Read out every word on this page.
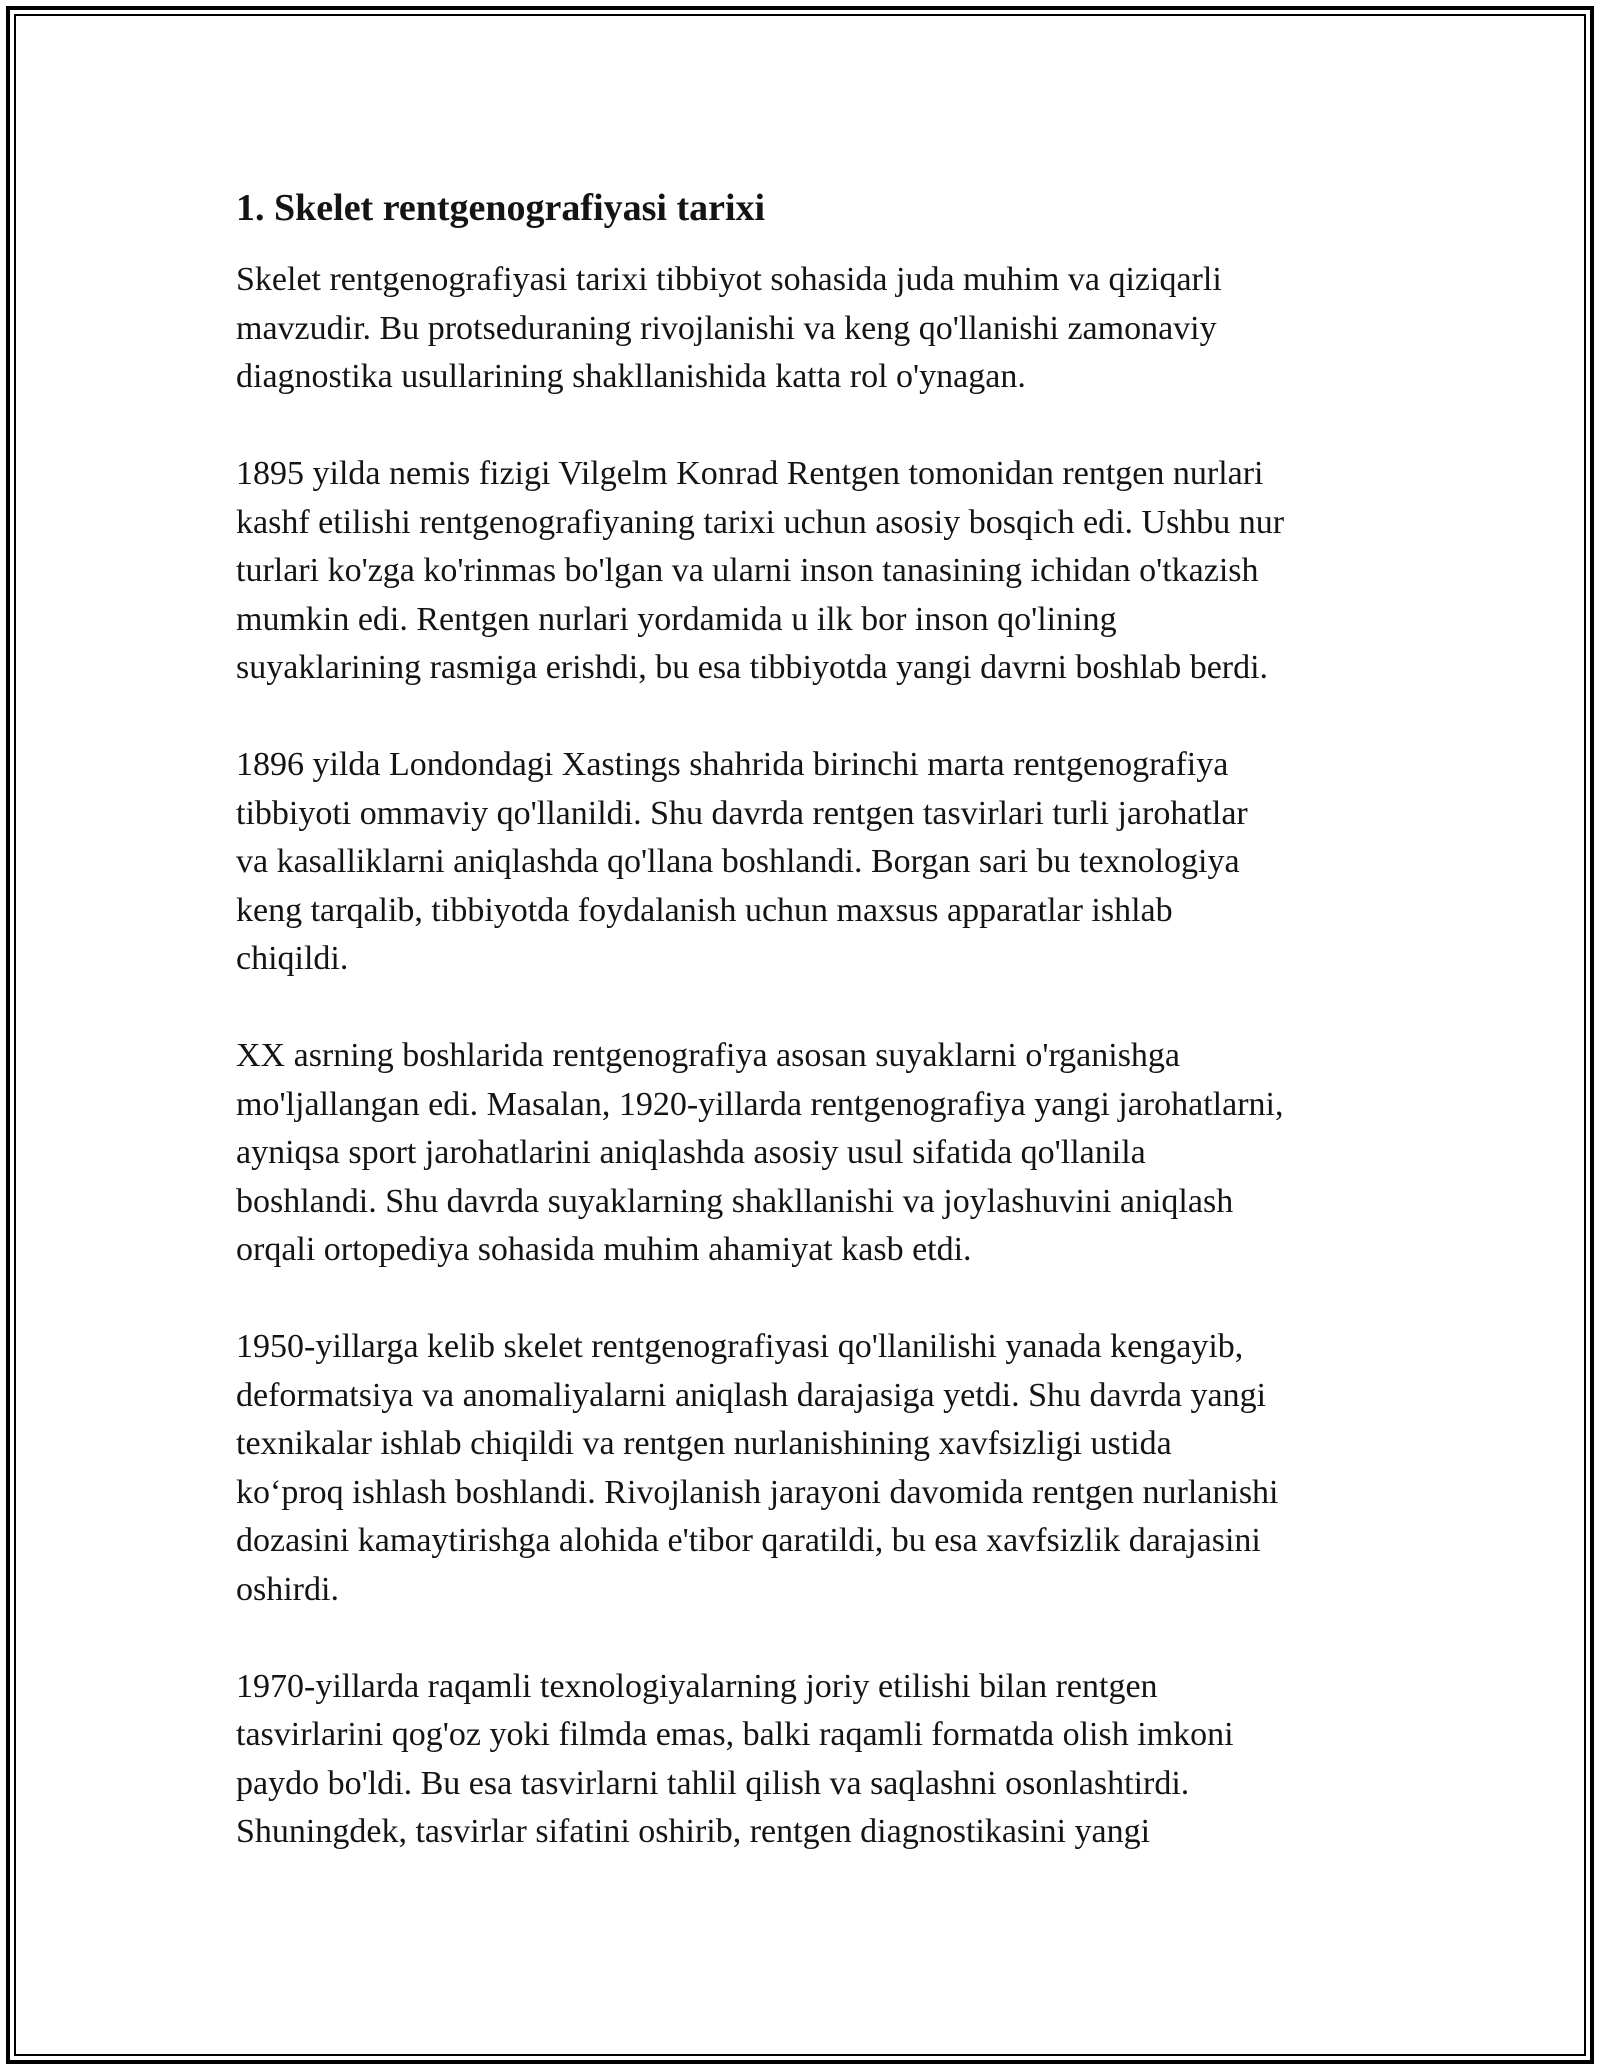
1. Skelet rentgenografiyasi tarixi

Skelet rentgenografiyasi tarixi tibbiyot sohasida juda muhim va qiziqarli
mavzudir. Bu protseduraning rivojlanishi va keng qo'llanishi zamonaviy
diagnostika usullarining shakllanishida katta rol o'ynagan.

1895 yilda nemis fizigi Vilgelm Konrad Rentgen tomonidan rentgen nurlari
kashf etilishi rentgenografiyaning tarixi uchun asosiy bosqich edi. Ushbu nur
turlari ko'zga ko'rinmas bo'lgan va ularni inson tanasining ichidan o'tkazish
mumkin edi. Rentgen nurlari yordamida u ilk bor inson qo'lining
suyaklarining rasmiga erishdi, bu esa tibbiyotda yangi davrni boshlab berdi.

1896 yilda Londondagi Xastings shahrida birinchi marta rentgenografiya
tibbiyoti ommaviy qo'llanildi. Shu davrda rentgen tasvirlari turli jarohatlar
va kasalliklarni aniqlashda qo'llana boshlandi. Borgan sari bu texnologiya
keng tarqalib, tibbiyotda foydalanish uchun maxsus apparatlar ishlab
chiqildi.

XX asrning boshlarida rentgenografiya asosan suyaklarni o'rganishga
mo'ljallangan edi. Masalan, 1920-yillarda rentgenografiya yangi jarohatlarni,
ayniqsa sport jarohatlarini aniqlashda asosiy usul sifatida qo'llanila
boshlandi. Shu davrda suyaklarning shakllanishi va joylashuvini aniqlash
orqali ortopediya sohasida muhim ahamiyat kasb etdi.

1950-yillarga kelib skelet rentgenografiyasi qo'llanilishi yanada kengayib,
deformatsiya va anomaliyalarni aniqlash darajasiga yetdi. Shu davrda yangi
texnikalar ishlab chiqildi va rentgen nurlanishining xavfsizligi ustida
ko‘proq ishlash boshlandi. Rivojlanish jarayoni davomida rentgen nurlanishi
dozasini kamaytirishga alohida e'tibor qaratildi, bu esa xavfsizlik darajasini
oshirdi.

1970-yillarda raqamli texnologiyalarning joriy etilishi bilan rentgen
tasvirlarini qog'oz yoki filmda emas, balki raqamli formatda olish imkoni
paydo bo'ldi. Bu esa tasvirlarni tahlil qilish va saqlashni osonlashtirdi.
Shuningdek, tasvirlar sifatini oshirib, rentgen diagnostikasini yangi
